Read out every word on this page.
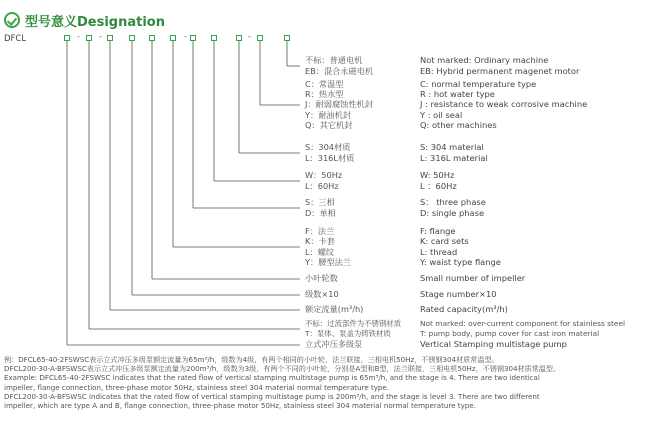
型号意义Designation
DFCL	- -	-	-
不标：普通电机
EB：混合永磁电机
Not marked: Ordinary machine
EB: Hybrid permanent magenet motor
C：常温型
R：热水型
J：耐弱腐蚀性机封
Y：耐油机封
Q：其它机封
C: normal temperature type
R : hot water type
J : resistance to weak corrosive machine
Y : oil seal
Q: other machines
S：304材质
L：316L材质
S: 304 material
L: 316L material
W：50Hz
L：60Hz
W: 50Hz
L ：60Hz
S：三相
D：单相
S： three phase
D: single phase
F：法兰
K：卡套
L：螺纹
Y：腰型法兰
F: flange
K: card sets
L: thread
Y: waist type flange
小叶轮数	Small number of impeller
级数×10	Stage number×10
额定流量(m³/h)	Rated capacity(m³/h)
不标：过流部件为不锈钢材质
T：泵体、泵盖为铸铁材质
Not marked: over-current component for stainless steel
T: pump body, pump cover for cast iron material
立式冲压多级泵	Vertical Stamping multistage pump
例：DFCL65-40-2FSWSC表示立式冲压多级泵额定流量为65m³/h，级数为4级，有两个相同的小叶轮，法兰联接，三相电机50Hz，不锈钢304材质常温型。
DFCL200-30-A-BFSWSC表示立式冲压多级泵额定流量为200m³/h，级数为3级，有两个不同的小叶轮，分别是A型和B型，法兰联接，三相电机50Hz，不锈钢304材质常温型。
Example: DFCL65-40-2FSWSC indicates that the rated flow of vertical stamping multistage pump is 65m³/h, and the stage is 4. There are two identical
impeller, flange connection, three-phase motor 50Hz, stainless steel 304 material normal temperature type.
DFCL200-30-A-BFSWSC indicates that the rated flow of vertical stamping multistage pump is 200m³/h, and the stage is level 3. There are two different
impeller, which are type A and B, flange connection, three-phase motor 50Hz, stainless steel 304 material normal temperature type.
